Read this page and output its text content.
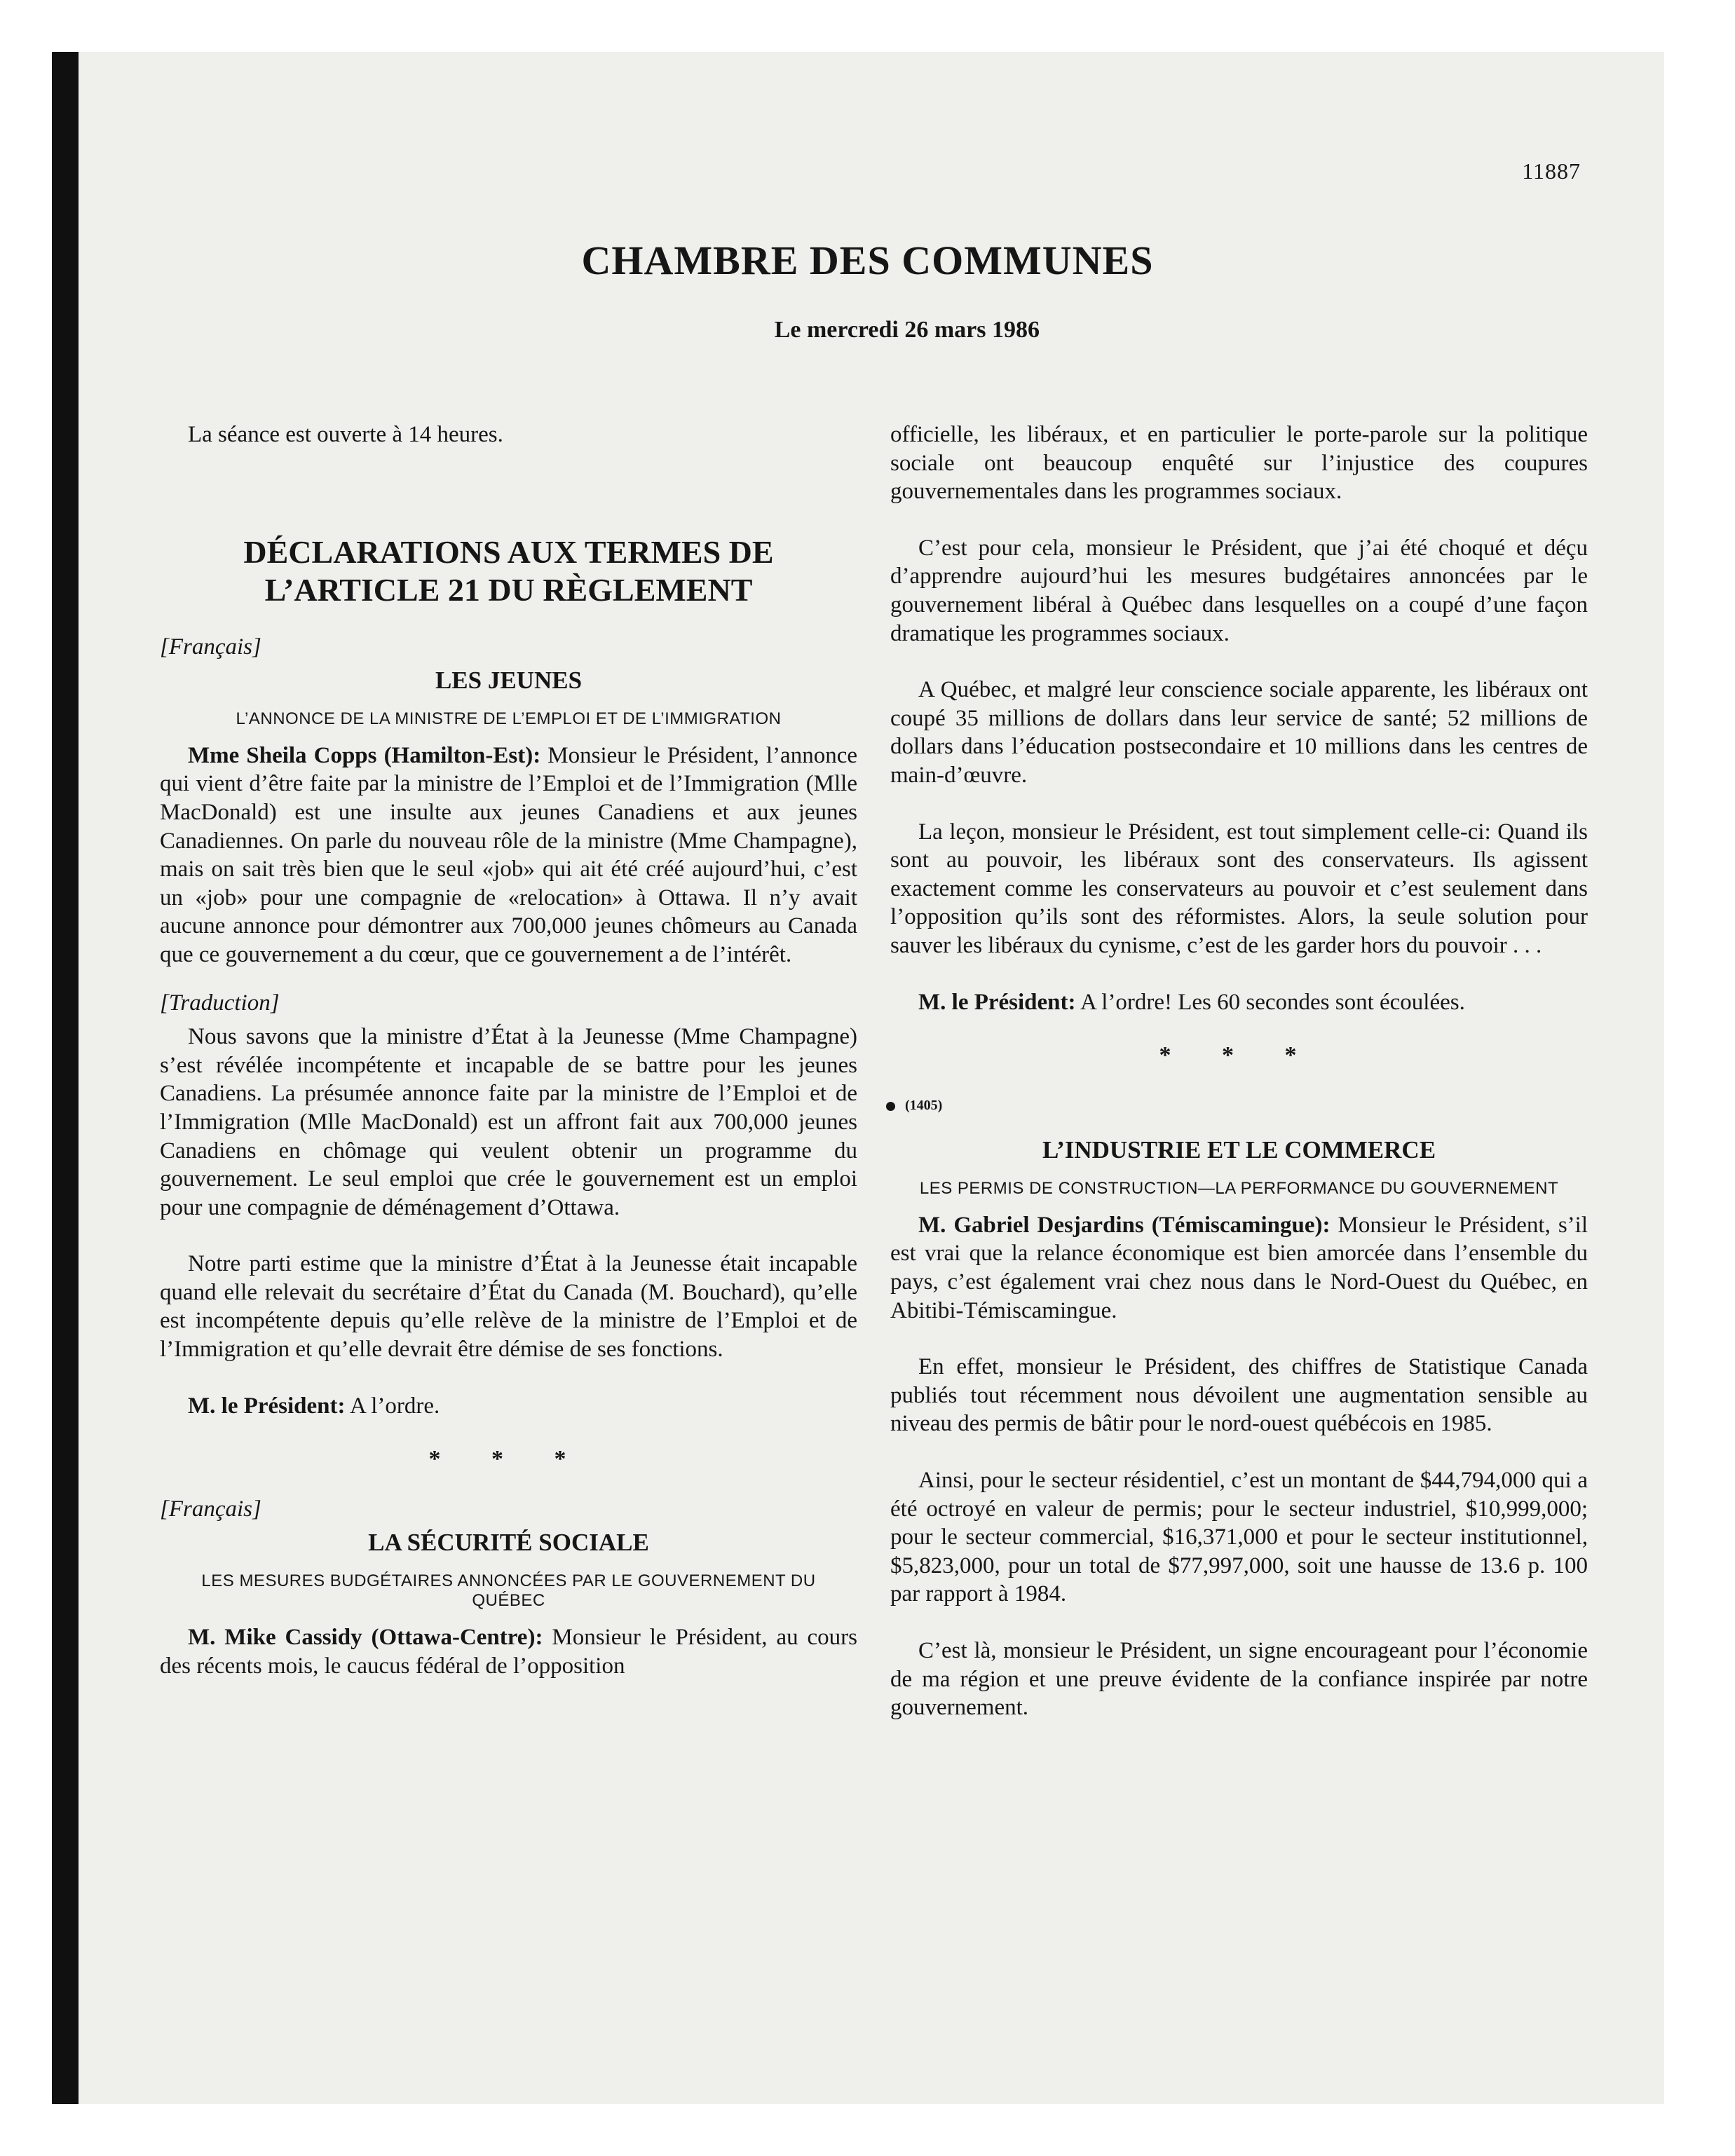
11887
CHAMBRE DES COMMUNES
Le mercredi 26 mars 1986

La séance est ouverte à 14 heures.

DÉCLARATIONS AUX TERMES DE L’ARTICLE 21 DU RÈGLEMENT
[Français]
LES JEUNES
L’ANNONCE DE LA MINISTRE DE L’EMPLOI ET DE L’IMMIGRATION

Mme Sheila Copps (Hamilton-Est): Monsieur le Président, l’annonce qui vient d’être faite par la ministre de l’Emploi et de l’Immigration (Mlle MacDonald) est une insulte aux jeunes Canadiens et aux jeunes Canadiennes. On parle du nouveau rôle de la ministre (Mme Champagne), mais on sait très bien que le seul «job» qui ait été créé aujourd’hui, c’est un «job» pour une compagnie de «relocation» à Ottawa. Il n’y avait aucune annonce pour démontrer aux 700,000 jeunes chômeurs au Canada que ce gouvernement a du cœur, que ce gouvernement a de l’intérêt.

[Traduction]

Nous savons que la ministre d’État à la Jeunesse (Mme Champagne) s’est révélée incompétente et incapable de se battre pour les jeunes Canadiens. La présumée annonce faite par la ministre de l’Emploi et de l’Immigration (Mlle MacDonald) est un affront fait aux 700,000 jeunes Canadiens en chômage qui veulent obtenir un programme du gouvernement. Le seul emploi que crée le gouvernement est un emploi pour une compagnie de déménagement d’Ottawa.

Notre parti estime que la ministre d’État à la Jeunesse était incapable quand elle relevait du secrétaire d’État du Canada (M. Bouchard), qu’elle est incompétente depuis qu’elle relève de la ministre de l’Emploi et de l’Immigration et qu’elle devrait être démise de ses fonctions.

M. le Président: A l’ordre.

* * *
[Français]
LA SÉCURITÉ SOCIALE
LES MESURES BUDGÉTAIRES ANNONCÉES PAR LE GOUVERNEMENT DU QUÉBEC

M. Mike Cassidy (Ottawa-Centre): Monsieur le Président, au cours des récents mois, le caucus fédéral de l’opposition

officielle, les libéraux, et en particulier le porte-parole sur la politique sociale ont beaucoup enquêté sur l’injustice des coupures gouvernementales dans les programmes sociaux.

C’est pour cela, monsieur le Président, que j’ai été choqué et déçu d’apprendre aujourd’hui les mesures budgétaires annoncées par le gouvernement libéral à Québec dans lesquelles on a coupé d’une façon dramatique les programmes sociaux.

A Québec, et malgré leur conscience sociale apparente, les libéraux ont coupé 35 millions de dollars dans leur service de santé; 52 millions de dollars dans l’éducation postsecondaire et 10 millions dans les centres de main-d’œuvre.

La leçon, monsieur le Président, est tout simplement celle-ci: Quand ils sont au pouvoir, les libéraux sont des conservateurs. Ils agissent exactement comme les conservateurs au pouvoir et c’est seulement dans l’opposition qu’ils sont des réformistes. Alors, la seule solution pour sauver les libéraux du cynisme, c’est de les garder hors du pouvoir . . .

M. le Président: A l’ordre! Les 60 secondes sont écoulées.

* * *
(1405)
L’INDUSTRIE ET LE COMMERCE
LES PERMIS DE CONSTRUCTION—LA PERFORMANCE DU GOUVERNEMENT

M. Gabriel Desjardins (Témiscamingue): Monsieur le Président, s’il est vrai que la relance économique est bien amorcée dans l’ensemble du pays, c’est également vrai chez nous dans le Nord-Ouest du Québec, en Abitibi-Témiscamingue.

En effet, monsieur le Président, des chiffres de Statistique Canada publiés tout récemment nous dévoilent une augmentation sensible au niveau des permis de bâtir pour le nord-ouest québécois en 1985.

Ainsi, pour le secteur résidentiel, c’est un montant de $44,794,000 qui a été octroyé en valeur de permis; pour le secteur industriel, $10,999,000; pour le secteur commercial, $16,371,000 et pour le secteur institutionnel, $5,823,000, pour un total de $77,997,000, soit une hausse de 13.6 p. 100 par rapport à 1984.

C’est là, monsieur le Président, un signe encourageant pour l’économie de ma région et une preuve évidente de la confiance inspirée par notre gouvernement.
